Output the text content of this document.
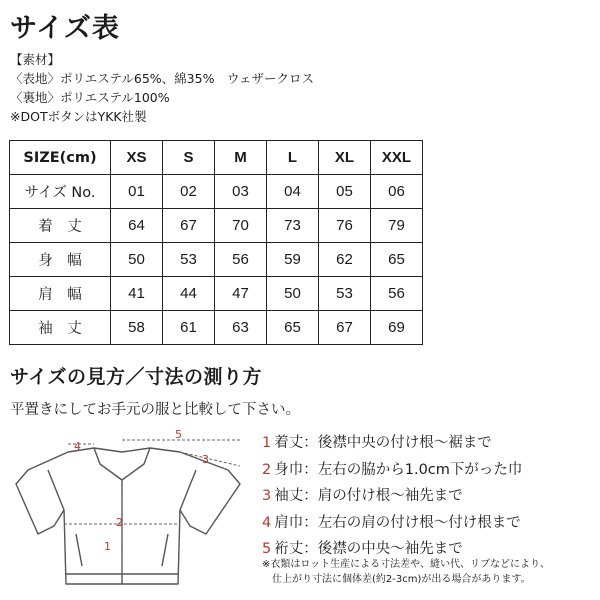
サイズ表
【素材】
〈表地〉ポリエステル65%、綿35%　ウェザークロス
〈裏地〉ポリエステル100%
※DOTボタンはYKK社製
SIZE(cm)	XS	S	M	L	XL	XXL
サイズ No.	01	02	03	04	05	06
着　丈	64	67	70	73	76	79
身　幅	50	53	56	59	62	65
肩　幅	41	44	47	50	53	56
袖　丈	58	61	63	65	67	69
サイズの見方／寸法の測り方
平置きにしてお手元の服と比較して下さい。
4
5
3
2
1
1 着丈：後襟中央の付け根～裾まで
2 身巾：左右の脇から1.0cm下がった巾
3 袖丈：肩の付け根～袖先まで
4 肩巾：左右の肩の付け根～付け根まで
5 裄丈：後襟の中央～袖先まで
※衣類はロット生産による寸法差や、縫い代、リブなどにより、
仕上がり寸法に個体差(約2-3cm)が出る場合があります。
